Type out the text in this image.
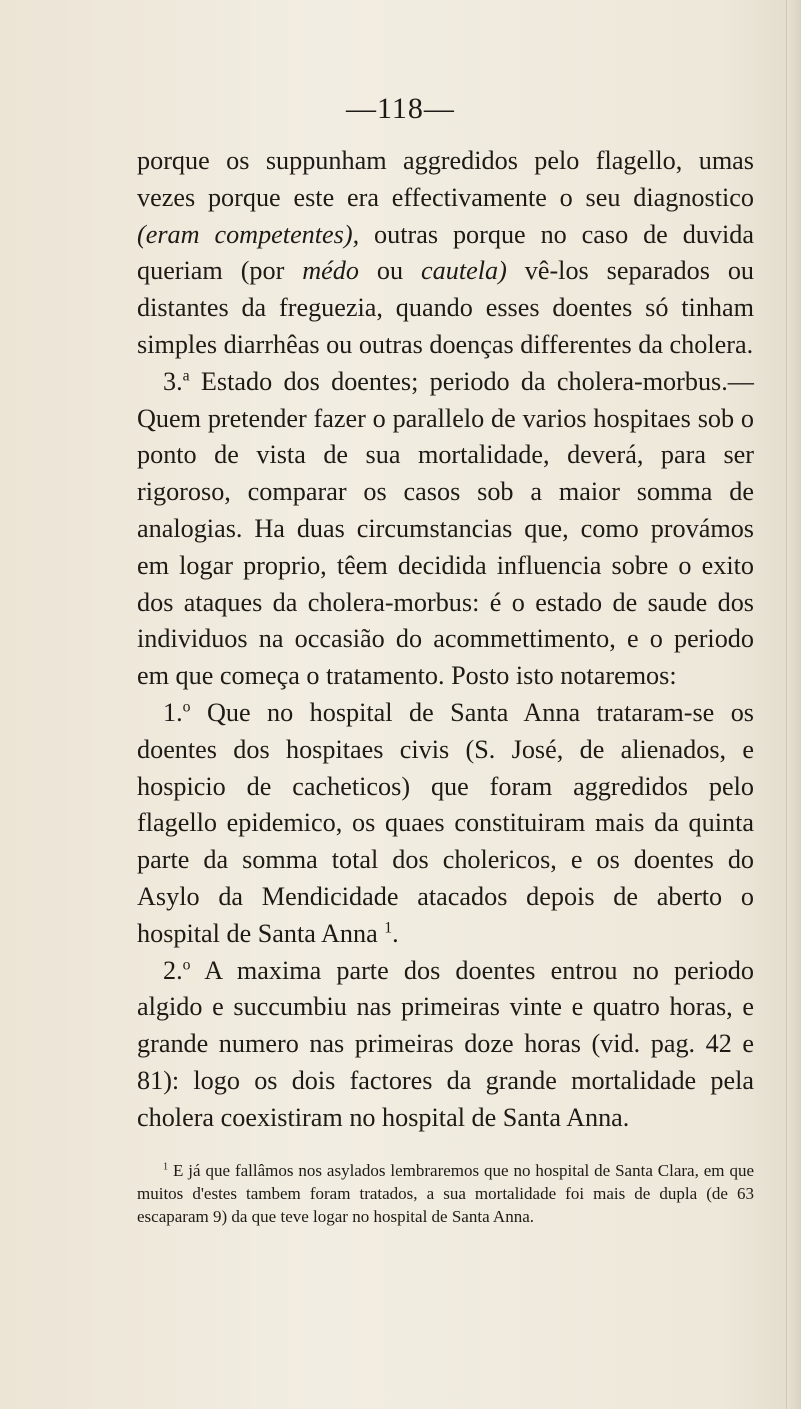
—118—

porque os suppunham aggredidos pelo flagello, umas vezes porque este era effectivamente o seu diagnostico (eram competentes), outras porque no caso de duvida queriam (por médo ou cautela) vê-los separados ou distantes da freguezia, quando esses doentes só tinham simples diarrhêas ou outras doenças differentes da cholera.

3.$^a$ Estado dos doentes; periodo da cholera-morbus.— Quem pretender fazer o parallelo de varios hospitaes sob o ponto de vista de sua mortalidade, deverá, para ser rigoroso, comparar os casos sob a maior somma de analogias. Ha duas circumstancias que, como provámos em logar proprio, têem decidida influencia sobre o exito dos ataques da cholera-morbus: é o estado de saude dos individuos na occasião do acommettimento, e o periodo em que começa o tratamento. Posto isto notaremos:

1.$^o$ Que no hospital de Santa Anna trataram-se os doentes dos hospitaes civis (S. José, de alienados, e hospicio de cacheticos) que foram aggredidos pelo flagello epidemico, os quaes constituiram mais da quinta parte da somma total dos cholericos, e os doentes do Asylo da Mendicidade atacados depois de aberto o hospital de Santa Anna $^1$.

2.$^o$ A maxima parte dos doentes entrou no periodo algido e succumbiu nas primeiras vinte e quatro horas, e grande numero nas primeiras doze horas (vid. pag. 42 e 81): logo os dois factores da grande mortalidade pela cholera coexistiram no hospital de Santa Anna.

$^1$ E já que fallâmos nos asylados lembraremos que no hospital de Santa Clara, em que muitos d'estes tambem foram tratados, a sua mortalidade foi mais de dupla (de 63 escaparam 9) da que teve logar no hospital de Santa Anna.
